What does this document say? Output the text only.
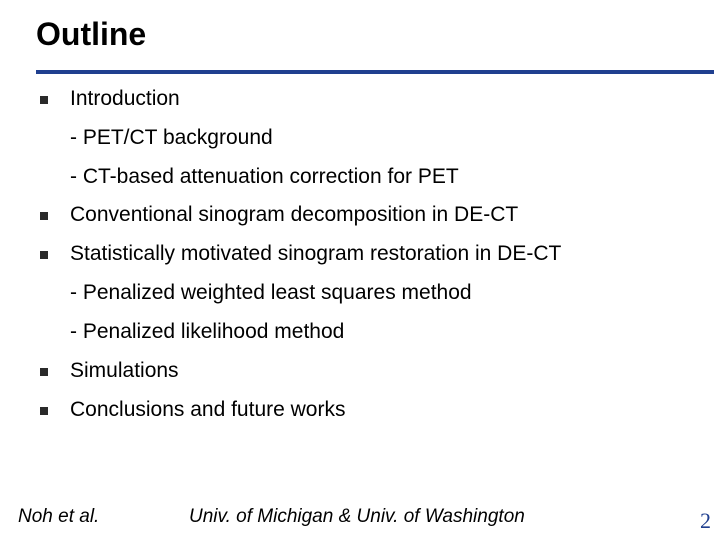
Outline
Introduction
- PET/CT background
- CT-based attenuation correction for PET
Conventional sinogram decomposition in DE-CT
Statistically motivated sinogram restoration in DE-CT
- Penalized weighted least squares method
- Penalized likelihood method
Simulations
Conclusions and future works
Noh et al.	Univ. of Michigan & Univ. of Washington	2
